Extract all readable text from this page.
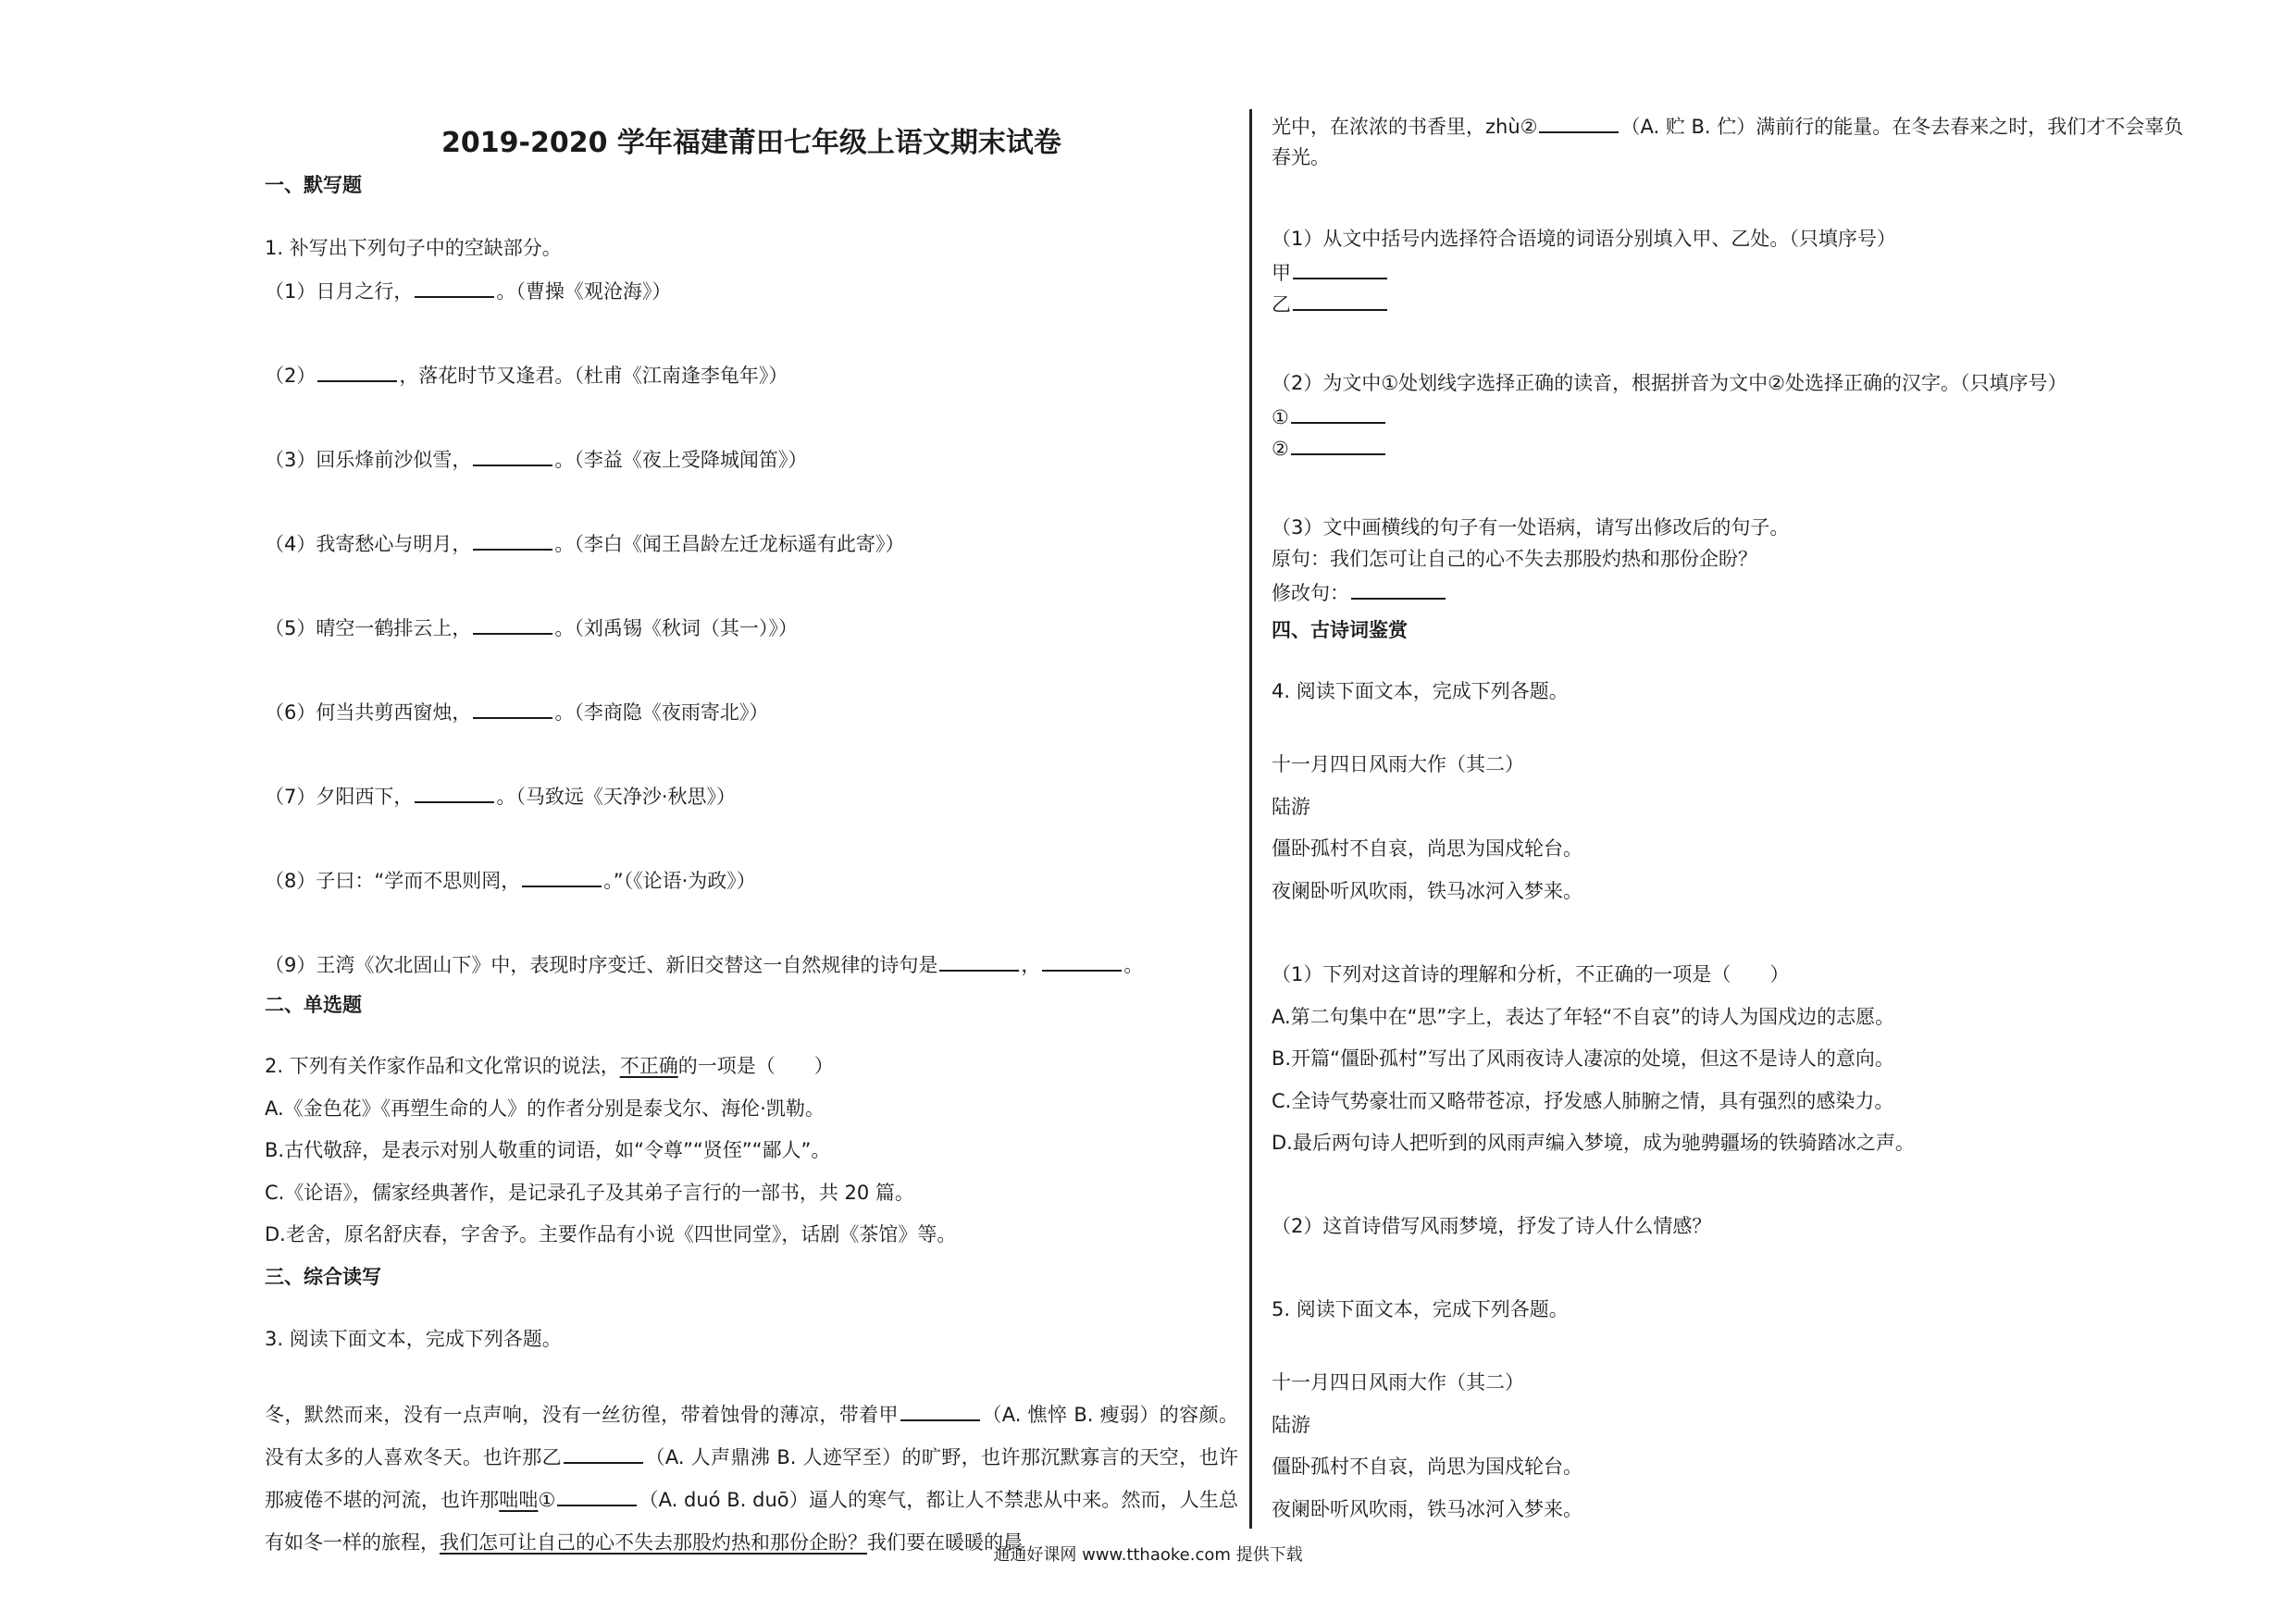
2019-2020 学年福建莆田七年级上语文期末试卷
一、默写题
1. 补写出下列句子中的空缺部分。
（1）日月之行，	。（曹操《观沧海》）
（2）	，落花时节又逢君。（杜甫《江南逢李龟年》）
（3）回乐烽前沙似雪，	。（李益《夜上受降城闻笛》）
（4）我寄愁心与明月，	。（李白《闻王昌龄左迁龙标遥有此寄》）
（5）晴空一鹤排云上，	。（刘禹锡《秋词（其一）》）
（6）何当共剪西窗烛，	。（李商隐《夜雨寄北》）
（7）夕阳西下，	。（马致远《天净沙·秋思》）
（8）子曰：“学而不思则罔，	。”（《论语·为政》）
（9）王湾《次北固山下》中，表现时序变迁、新旧交替这一自然规律的诗句是	，	。
二、单选题
2. 下列有关作家作品和文化常识的说法，不正确的一项是（　　）
A.《金色花》《再塑生命的人》的作者分别是泰戈尔、海伦·凯勒。
B.古代敬辞，是表示对别人敬重的词语，如“令尊”“贤侄”“鄙人”。
C.《论语》，儒家经典著作，是记录孔子及其弟子言行的一部书，共 20 篇。
D.老舍，原名舒庆春，字舍予。主要作品有小说《四世同堂》，话剧《茶馆》等。
三、综合读写
3. 阅读下面文本，完成下列各题。
冬，默然而来，没有一点声响，没有一丝彷徨，带着蚀骨的薄凉，带着甲	（A. 憔悴 B. 瘦弱）的容颜。没有太多的人喜欢冬天。也许那乙	（A. 人声鼎沸 B. 人迹罕至）的旷野，也许那沉默寡言的天空，也许那疲倦不堪的河流，也许那咄咄①	（A. duó B. duō）逼人的寒气，都让人不禁悲从中来。然而，人生总有如冬一样的旅程，我们怎可让自己的心不失去那股灼热和那份企盼？我们要在暖暖的晨
光中，在浓浓的书香里，zhù②	（A. 贮 B. 伫）满前行的能量。在冬去春来之时，我们才不会辜负
春光。
（1）从文中括号内选择符合语境的词语分别填入甲、乙处。（只填序号）
甲
乙
（2）为文中①处划线字选择正确的读音，根据拼音为文中②处选择正确的汉字。（只填序号）
①
②
（3）文中画横线的句子有一处语病，请写出修改后的句子。
原句：我们怎可让自己的心不失去那股灼热和那份企盼？
修改句：
四、古诗词鉴赏
4. 阅读下面文本，完成下列各题。
十一月四日风雨大作（其二）
陆游
僵卧孤村不自哀，尚思为国戍轮台。
夜阑卧听风吹雨，铁马冰河入梦来。
（1）下列对这首诗的理解和分析，不正确的一项是（　　）
A.第二句集中在“思”字上，表达了年轻“不自哀”的诗人为国戍边的志愿。
B.开篇“僵卧孤村”写出了风雨夜诗人凄凉的处境，但这不是诗人的意向。
C.全诗气势豪壮而又略带苍凉，抒发感人肺腑之情，具有强烈的感染力。
D.最后两句诗人把听到的风雨声编入梦境，成为驰骋疆场的铁骑踏冰之声。
（2）这首诗借写风雨梦境，抒发了诗人什么情感？
5. 阅读下面文本，完成下列各题。
十一月四日风雨大作（其二）
陆游
僵卧孤村不自哀，尚思为国戍轮台。
夜阑卧听风吹雨，铁马冰河入梦来。
通通好课网 www.tthaoke.com 提供下载
